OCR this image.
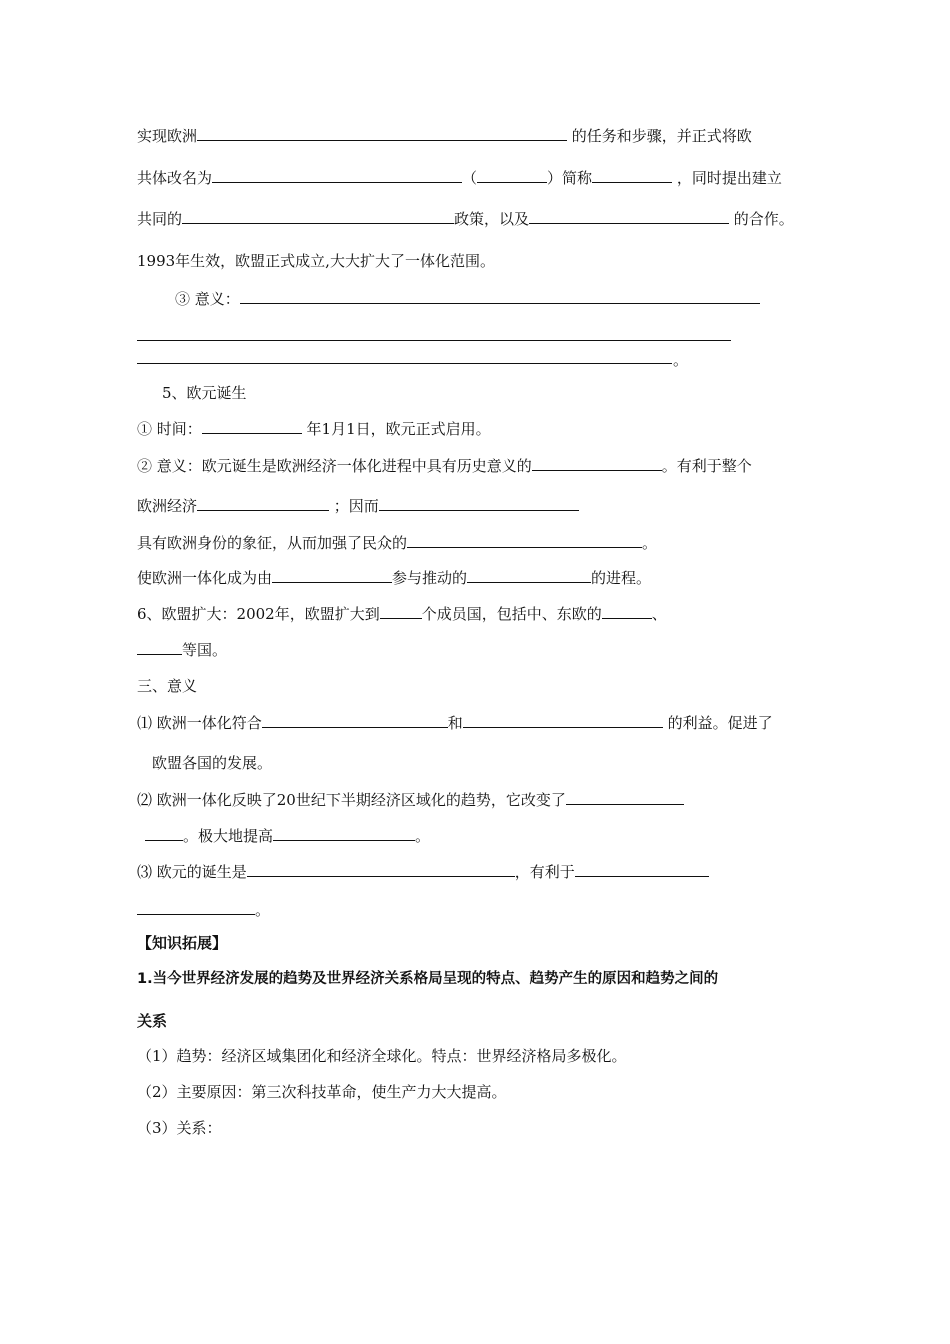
实现欧洲	的任务和步骤，并正式将欧
共体改名为	（	）简称	，同时提出建立
共同的	政策，以及	的合作。
1993年生效，欧盟正式成立,大大扩大了一体化范围。
③ 意义：
。
5、欧元诞生
① 时间：	年1月1日，欧元正式启用。
② 意义：欧元诞生是欧洲经济一体化进程中具有历史意义的	。有利于整个
欧洲经济	；因而
具有欧洲身份的象征，从而加强了民众的	。
使欧洲一体化成为由	参与推动的	的进程。
6、欧盟扩大：2002年，欧盟扩大到	个成员国，包括中、东欧的	、
等国。
三、意义
⑴ 欧洲一体化符合	和	的利益。促进了
欧盟各国的发展。
⑵ 欧洲一体化反映了20世纪下半期经济区域化的趋势，它改变了
。极大地提高	。
⑶ 欧元的诞生是	，有利于
。
【知识拓展】
1.当今世界经济发展的趋势及世界经济关系格局呈现的特点、趋势产生的原因和趋势之间的
关系
（1）趋势：经济区域集团化和经济全球化。特点：世界经济格局多极化。
（2）主要原因：第三次科技革命，使生产力大大提高。
（3）关系：
